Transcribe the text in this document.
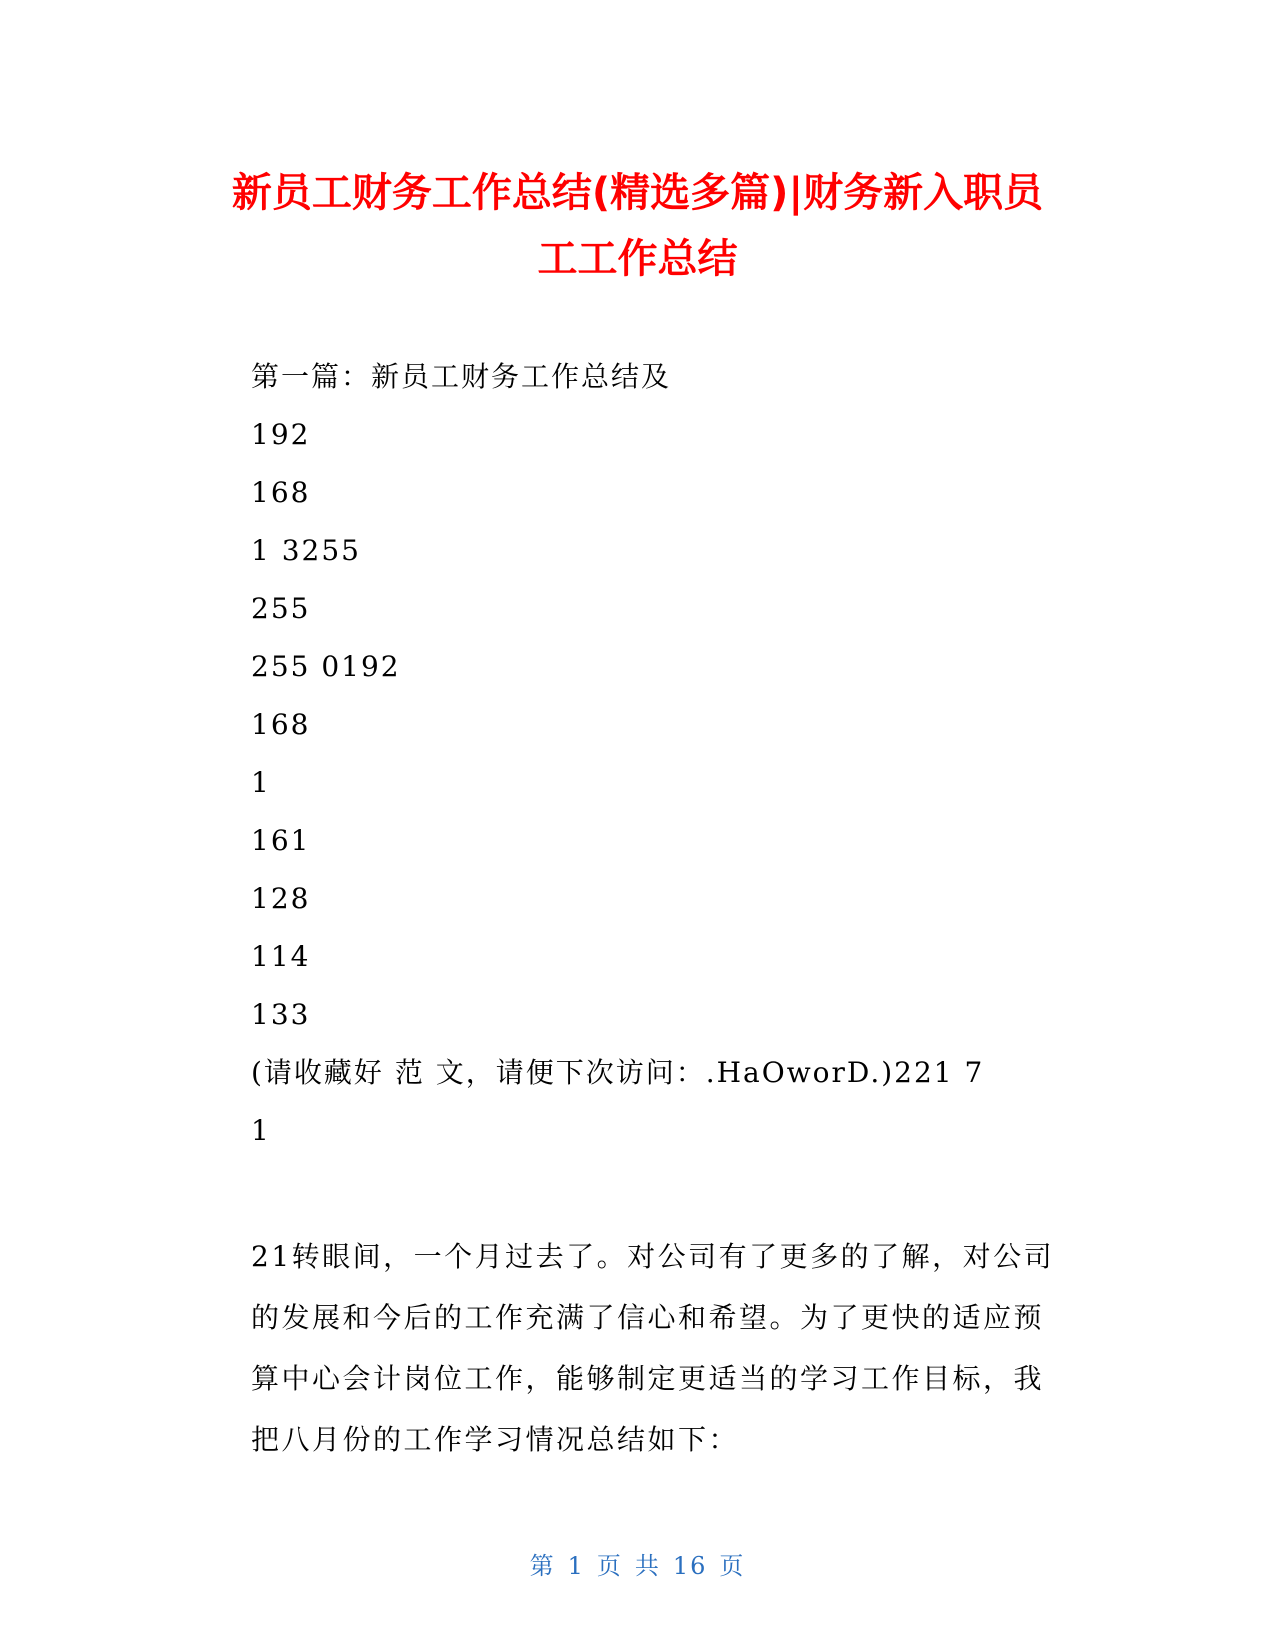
新员工财务工作总结(精选多篇)|财务新入职员
工工作总结
第一篇：新员工财务工作总结及
192
168
1 3255
255
255 0192
168
1
161
128
114
133
(请收藏好 范 文，请便下次访问：.HaOworD.)221 7
1
21转眼间，一个月过去了。对公司有了更多的了解，对公司的发展和今后的工作充满了信心和希望。为了更快的适应预算中心会计岗位工作，能够制定更适当的学习工作目标，我把八月份的工作学习情况总结如下：
第 1 页 共 16 页
